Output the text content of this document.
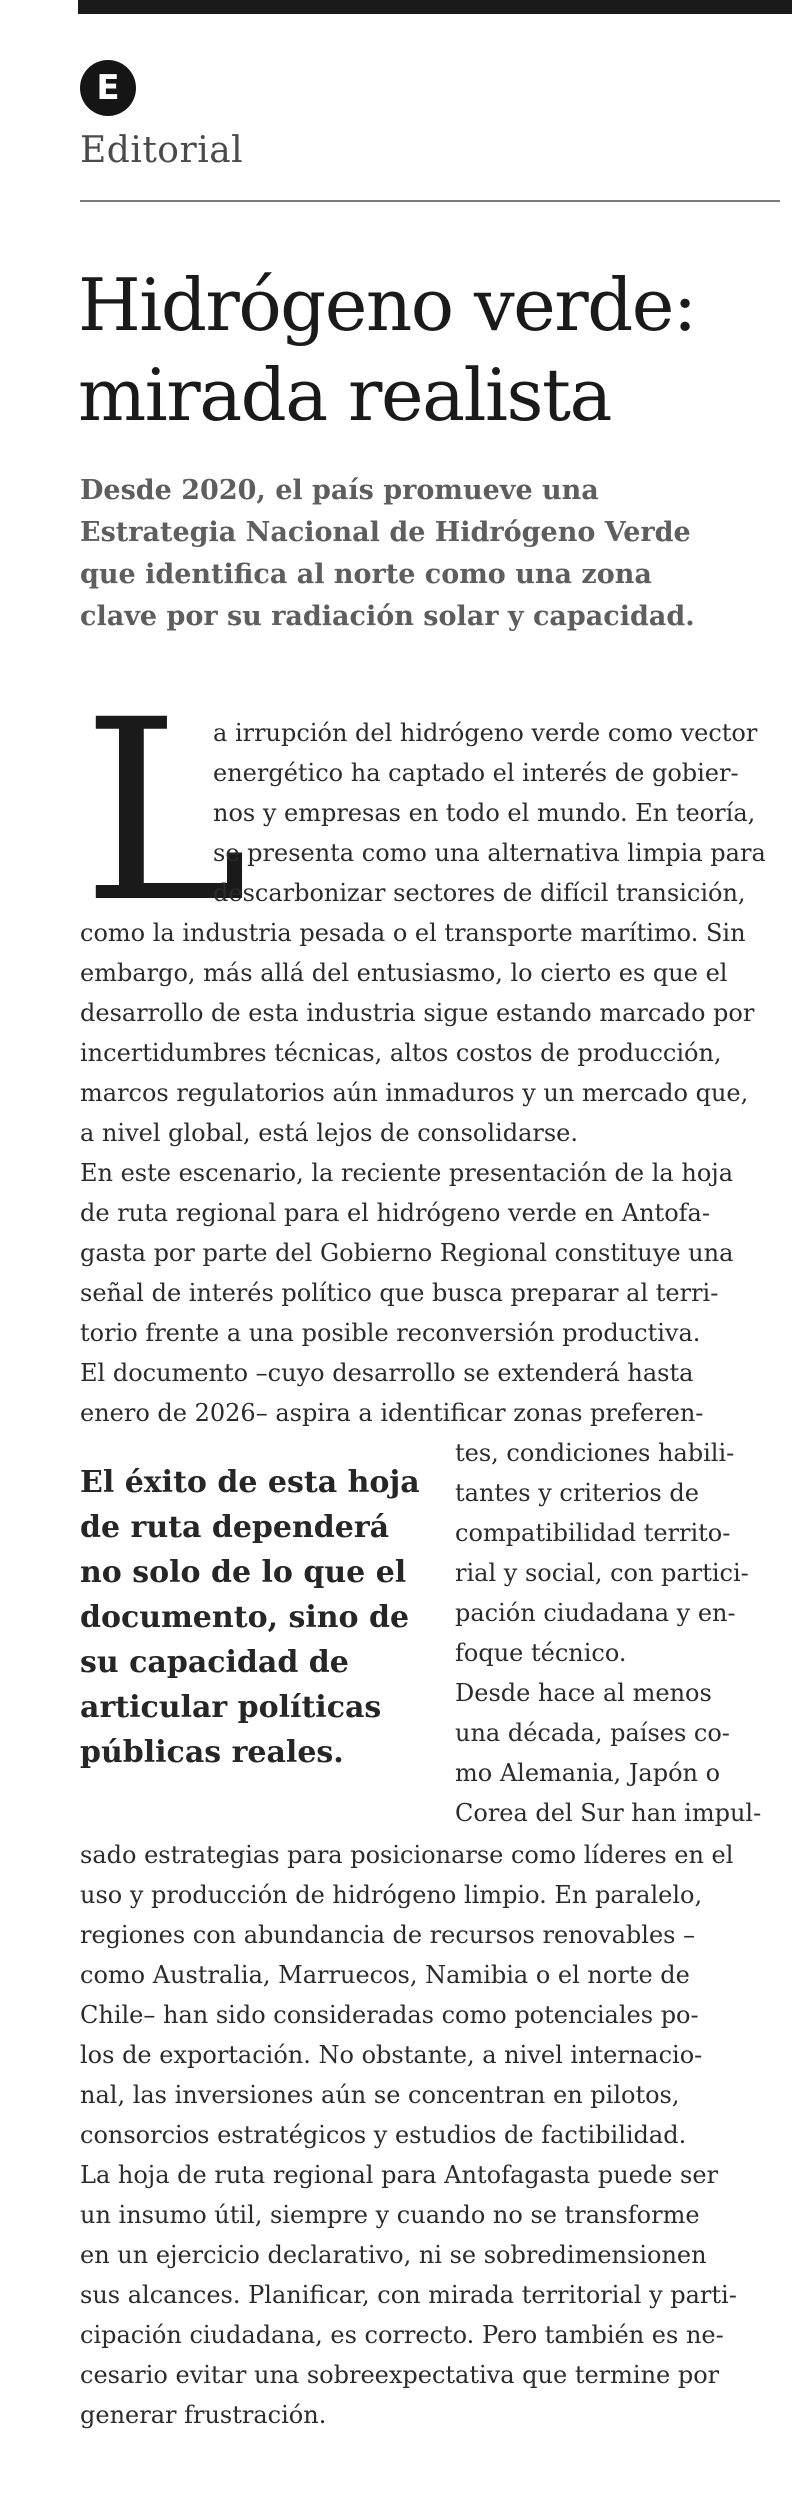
E
Editorial
Hidrógeno verde:
mirada realista
Desde 2020, el país promueve una
Estrategia Nacional de Hidrógeno Verde
que identifica al norte como una zona
clave por su radiación solar y capacidad.
L
a irrupción del hidrógeno verde como vector
energético ha captado el interés de gobier-
nos y empresas en todo el mundo. En teoría,
se presenta como una alternativa limpia para
descarbonizar sectores de difícil transición,
como la industria pesada o el transporte marítimo. Sin
embargo, más allá del entusiasmo, lo cierto es que el
desarrollo de esta industria sigue estando marcado por
incertidumbres técnicas, altos costos de producción,
marcos regulatorios aún inmaduros y un mercado que,
a nivel global, está lejos de consolidarse.
En este escenario, la reciente presentación de la hoja
de ruta regional para el hidrógeno verde en Antofa-
gasta por parte del Gobierno Regional constituye una
señal de interés político que busca preparar al terri-
torio frente a una posible reconversión productiva.
El documento –cuyo desarrollo se extenderá hasta
enero de 2026– aspira a identificar zonas preferen-
tes, condiciones habili-
tantes y criterios de
compatibilidad territo-
rial y social, con partici-
pación ciudadana y en-
foque técnico.
Desde hace al menos
una década, países co-
mo Alemania, Japón o
Corea del Sur han impul-
sado estrategias para posicionarse como líderes en el
uso y producción de hidrógeno limpio. En paralelo,
regiones con abundancia de recursos renovables –
como Australia, Marruecos, Namibia o el norte de
Chile– han sido consideradas como potenciales po-
los de exportación. No obstante, a nivel internacio-
nal, las inversiones aún se concentran en pilotos,
consorcios estratégicos y estudios de factibilidad.
La hoja de ruta regional para Antofagasta puede ser
un insumo útil, siempre y cuando no se transforme
en un ejercicio declarativo, ni se sobredimensionen
sus alcances. Planificar, con mirada territorial y parti-
cipación ciudadana, es correcto. Pero también es ne-
cesario evitar una sobreexpectativa que termine por
generar frustración.
El éxito de esta hoja
de ruta dependerá
no solo de lo que el
documento, sino de
su capacidad de
articular políticas
públicas reales.
